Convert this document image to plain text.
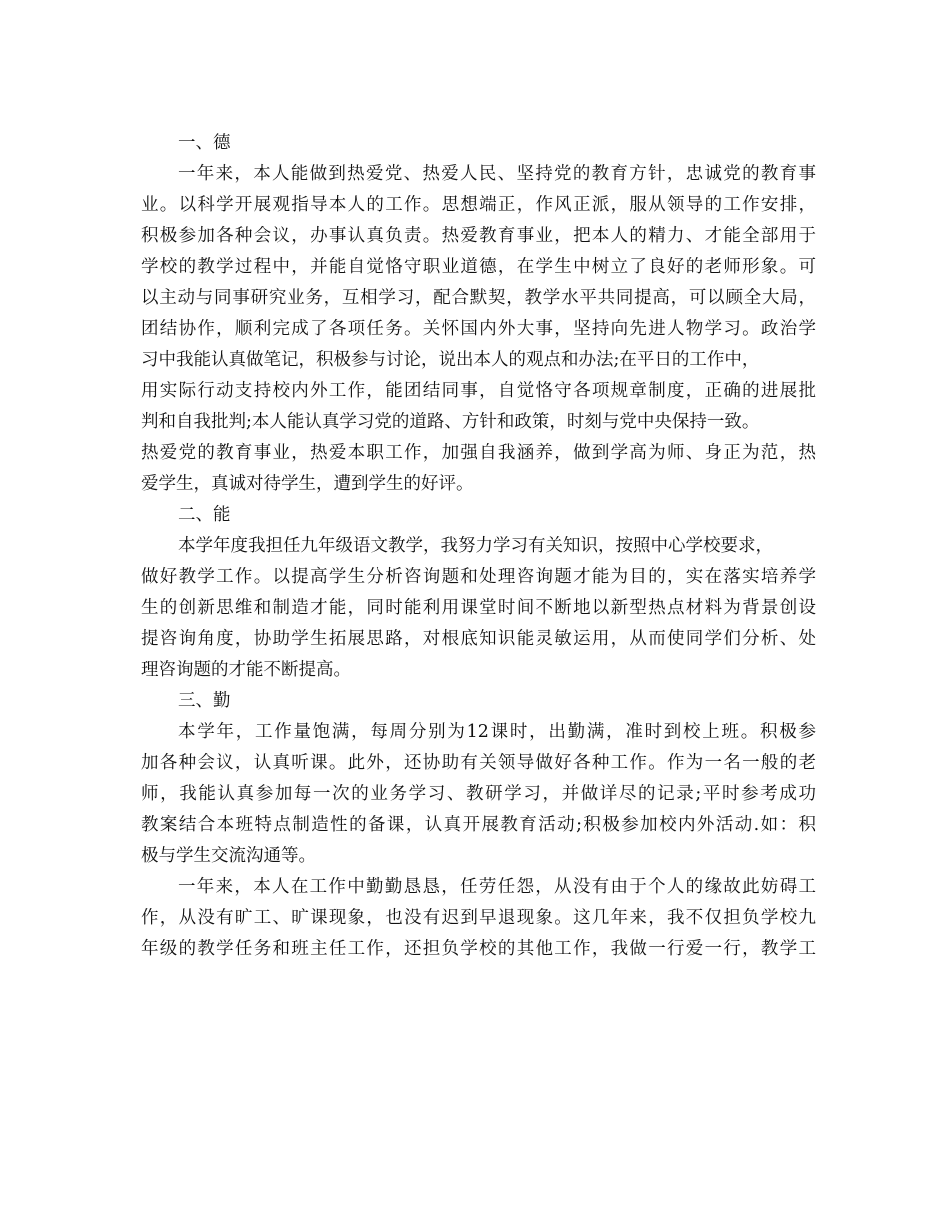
一、德
一年来，本人能做到热爱党、热爱人民、坚持党的教育方针，忠诚党的教育事
业。以科学开展观指导本人的工作。思想端正，作风正派，服从领导的工作安排，
积极参加各种会议，办事认真负责。热爱教育事业，把本人的精力、才能全部用于
学校的教学过程中，并能自觉恪守职业道德，在学生中树立了良好的老师形象。可
以主动与同事研究业务，互相学习，配合默契，教学水平共同提高，可以顾全大局，
团结协作，顺利完成了各项任务。关怀国内外大事，坚持向先进人物学习。政治学
习中我能认真做笔记，积极参与讨论，说出本人的观点和办法;在平日的工作中，
用实际行动支持校内外工作，能团结同事，自觉恪守各项规章制度，正确的进展批
判和自我批判;本人能认真学习党的道路、方针和政策，时刻与党中央保持一致。
热爱党的教育事业，热爱本职工作，加强自我涵养，做到学高为师、身正为范，热
爱学生，真诚对待学生，遭到学生的好评。
二、能
本学年度我担任九年级语文教学，我努力学习有关知识，按照中心学校要求，
做好教学工作。以提高学生分析咨询题和处理咨询题才能为目的，实在落实培养学
生的创新思维和制造才能，同时能利用课堂时间不断地以新型热点材料为背景创设
提咨询角度，协助学生拓展思路，对根底知识能灵敏运用，从而使同学们分析、处
理咨询题的才能不断提高。
三、勤
本学年，工作量饱满，每周分别为12课时，出勤满，准时到校上班。积极参
加各种会议，认真听课。此外，还协助有关领导做好各种工作。作为一名一般的老
师，我能认真参加每一次的业务学习、教研学习，并做详尽的记录;平时参考成功
教案结合本班特点制造性的备课，认真开展教育活动;积极参加校内外活动.如：积
极与学生交流沟通等。
一年来，本人在工作中勤勤恳恳，任劳任怨，从没有由于个人的缘故此妨碍工
作，从没有旷工、旷课现象，也没有迟到早退现象。这几年来，我不仅担负学校九
年级的教学任务和班主任工作，还担负学校的其他工作，我做一行爱一行，教学工
